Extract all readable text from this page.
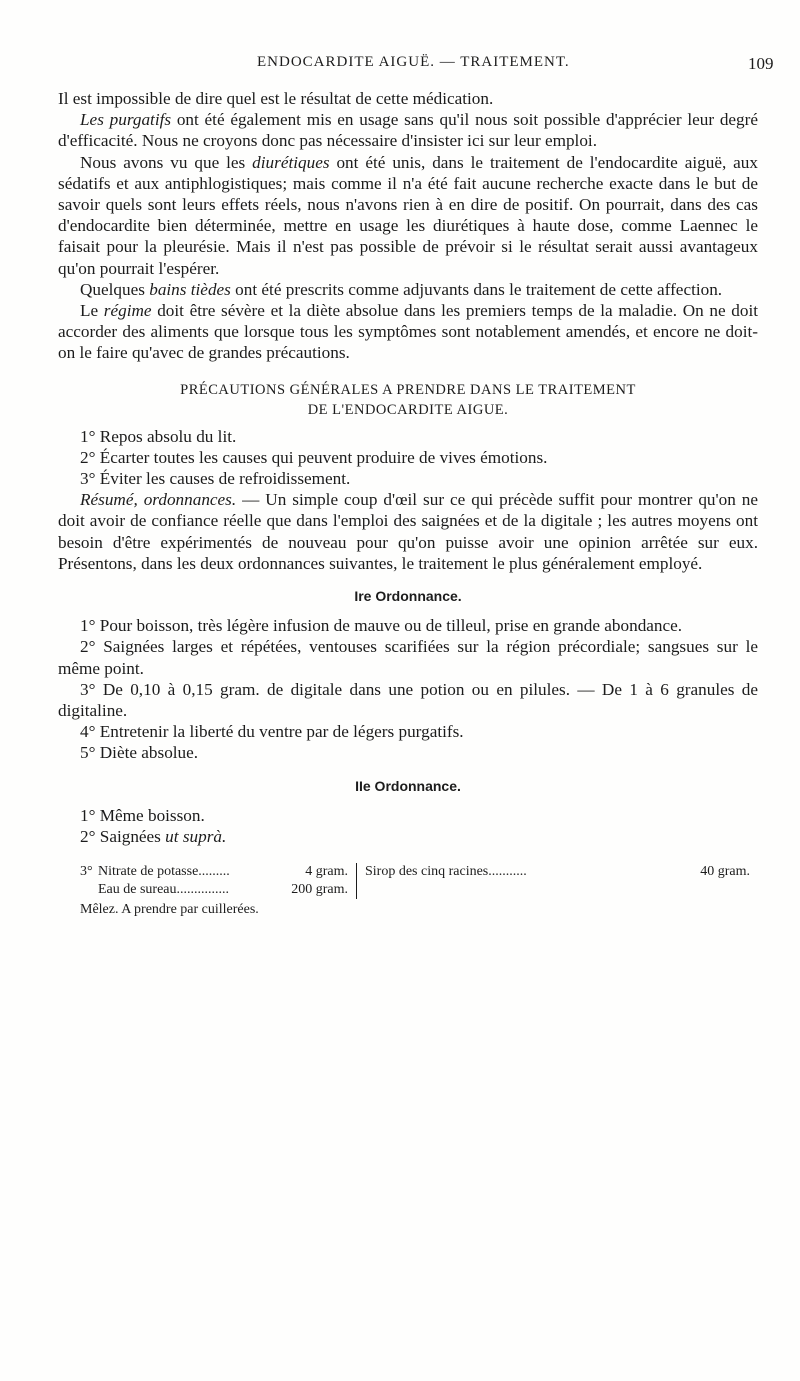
ENDOCARDITE AIGUË. — TRAITEMENT.	109

Il est impossible de dire quel est le résultat de cette médication.

Les purgatifs ont été également mis en usage sans qu'il nous soit possible d'apprécier leur degré d'efficacité. Nous ne croyons donc pas nécessaire d'insister ici sur leur emploi.

Nous avons vu que les diurétiques ont été unis, dans le traitement de l'endocardite aiguë, aux sédatifs et aux antiphlogistiques; mais comme il n'a été fait aucune recherche exacte dans le but de savoir quels sont leurs effets réels, nous n'avons rien à en dire de positif. On pourrait, dans des cas d'endocardite bien déterminée, mettre en usage les diurétiques à haute dose, comme Laennec le faisait pour la pleurésie. Mais il n'est pas possible de prévoir si le résultat serait aussi avantageux qu'on pourrait l'espérer.

Quelques bains tièdes ont été prescrits comme adjuvants dans le traitement de cette affection.

Le régime doit être sévère et la diète absolue dans les premiers temps de la maladie. On ne doit accorder des aliments que lorsque tous les symptômes sont notablement amendés, et encore ne doit-on le faire qu'avec de grandes précautions.

PRÉCAUTIONS GÉNÉRALES A PRENDRE DANS LE TRAITEMENT
DE L'ENDOCARDITE AIGUE.

1° Repos absolu du lit.

2° Écarter toutes les causes qui peuvent produire de vives émotions.

3° Éviter les causes de refroidissement.

Résumé, ordonnances. — Un simple coup d'œil sur ce qui précède suffit pour montrer qu'on ne doit avoir de confiance réelle que dans l'emploi des saignées et de la digitale ; les autres moyens ont besoin d'être expérimentés de nouveau pour qu'on puisse avoir une opinion arrêtée sur eux. Présentons, dans les deux ordonnances suivantes, le traitement le plus généralement employé.

Ire Ordonnance.

1° Pour boisson, très légère infusion de mauve ou de tilleul, prise en grande abondance.

2° Saignées larges et répétées, ventouses scarifiées sur la région précordiale; sangsues sur le même point.

3° De 0,10 à 0,15 gram. de digitale dans une potion ou en pilules. — De 1 à 6 granules de digitaline.

4° Entretenir la liberté du ventre par de légers purgatifs.

5° Diète absolue.

IIe Ordonnance.

1° Même boisson.

2° Saignées ut suprà.

3° Nitrate de potasse.........	4 gram.
Eau de sureau...............	200 gram.
Sirop des cinq racines...........	40 gram.
Mêlez. A prendre par cuillerées.
